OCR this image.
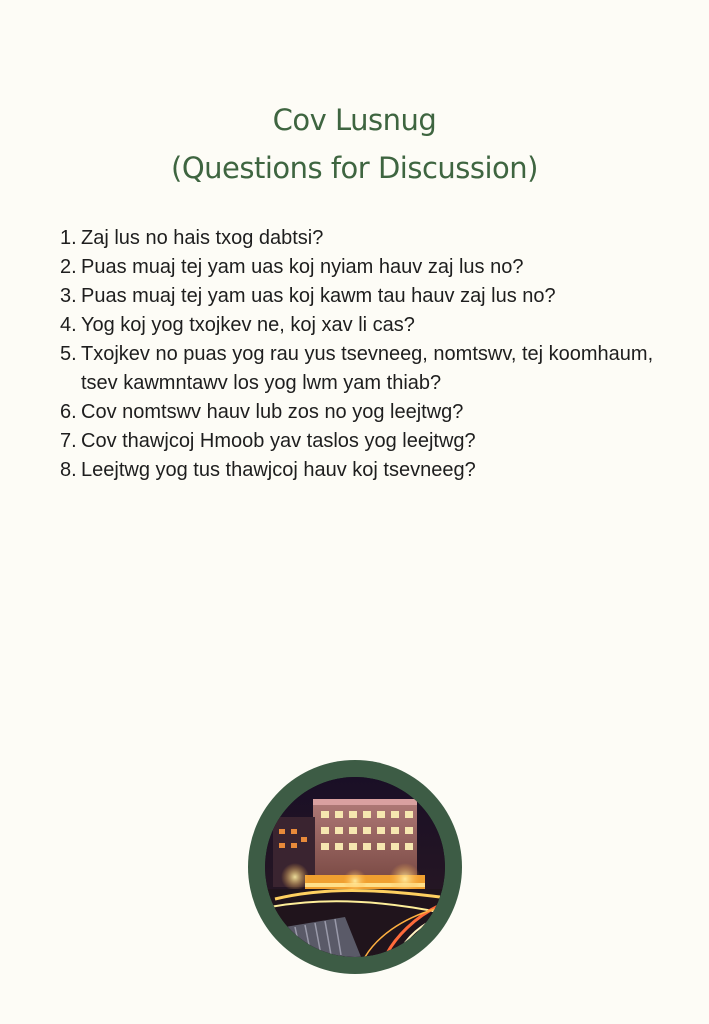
Cov Lusnug
(Questions for Discussion)
1. Zaj lus no hais txog dabtsi?
2. Puas muaj tej yam uas koj nyiam hauv zaj lus no?
3. Puas muaj tej yam uas koj kawm tau hauv zaj lus no?
4. Yog koj yog txojkev ne, koj xav li cas?
5. Txojkev no puas yog rau yus tsevneeg, nomtswv, tej koomhaum, tsev kawmntawv los yog lwm yam thiab?
6. Cov nomtswv hauv lub zos no yog leejtwg?
7. Cov thawjcoj Hmoob yav taslos yog leejtwg?
8. Leejtwg yog tus thawjcoj hauv koj tsevneeg?
